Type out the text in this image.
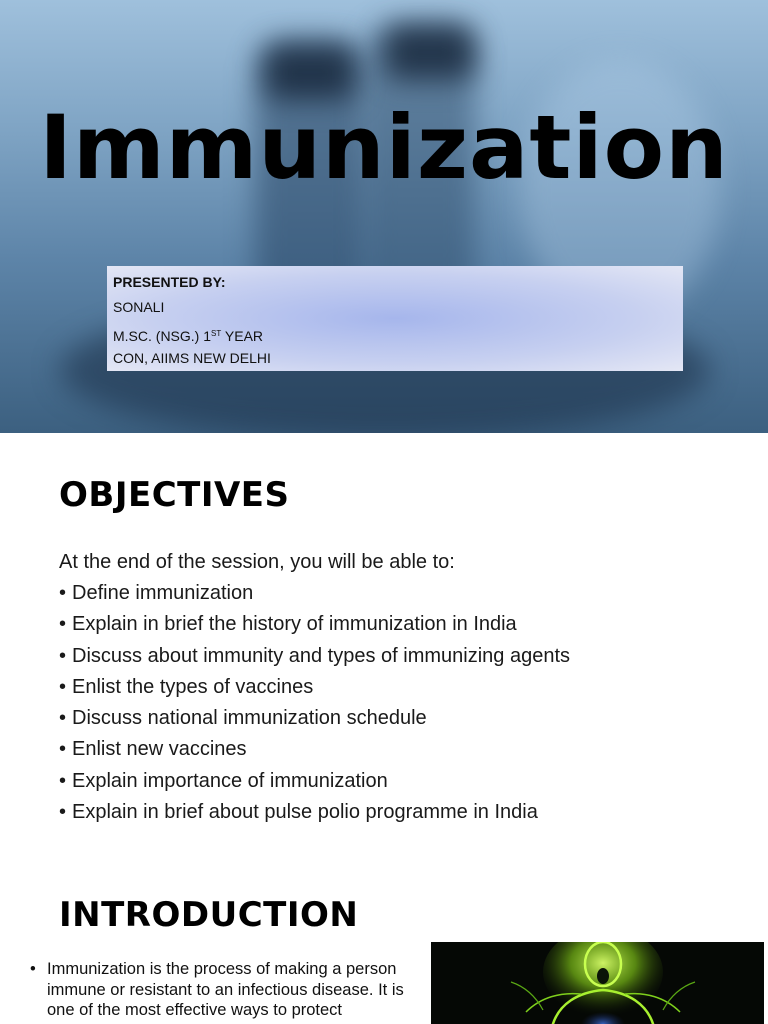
Immunization
PRESENTED BY:
SONALI
M.SC. (NSG.) 1ST YEAR
CON, AIIMS NEW DELHI
OBJECTIVES
At the end of the session, you will be able to:
• Define immunization
• Explain in brief the history of immunization in India
• Discuss about immunity and types of immunizing agents
• Enlist the types of vaccines
• Discuss national immunization schedule
• Enlist new vaccines
• Explain importance of immunization
• Explain in brief about pulse polio programme in India
INTRODUCTION
• Immunization is the process of making a person immune or resistant to an infectious disease. It is one of the most effective ways to protect
